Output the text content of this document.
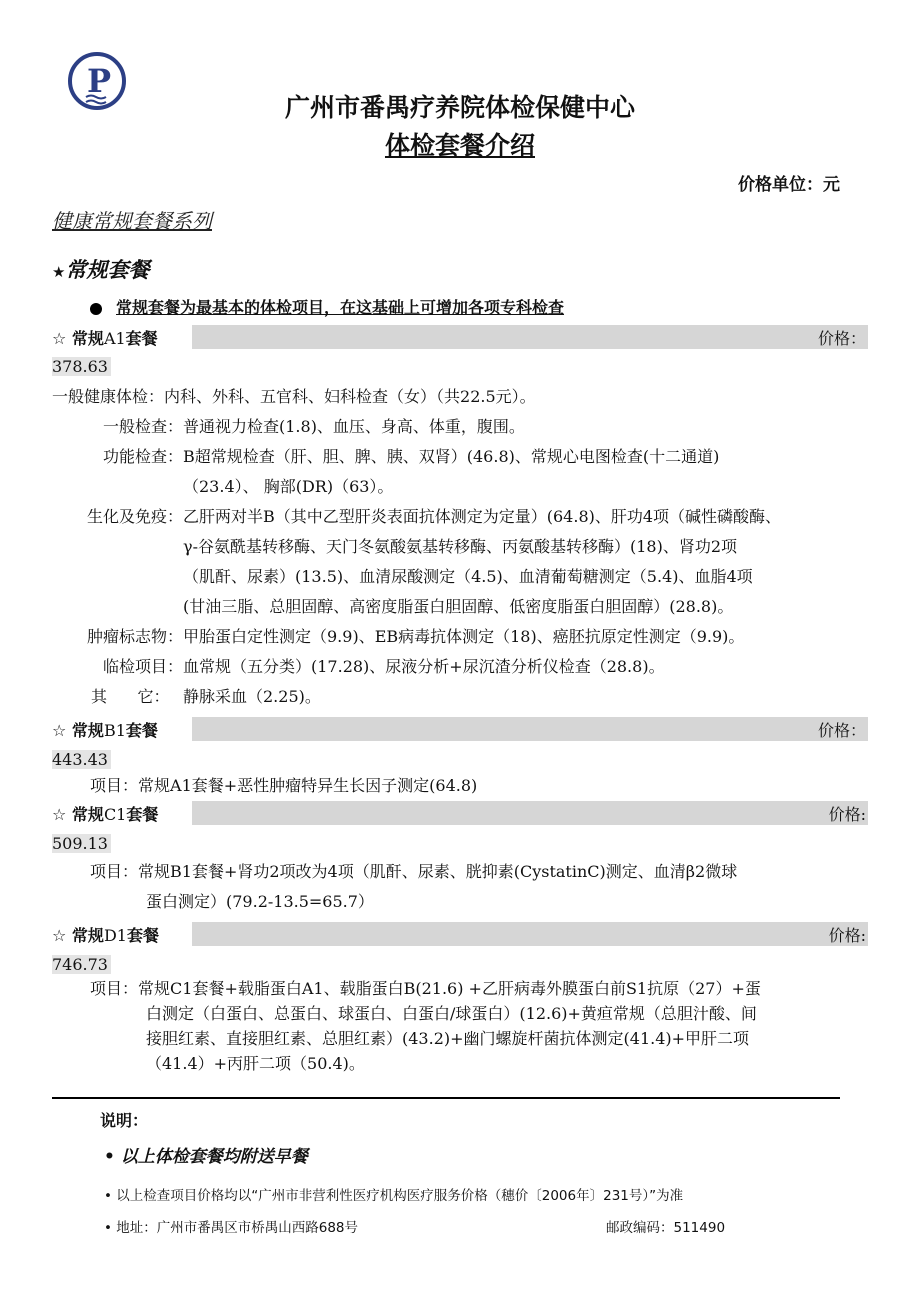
P
广州市番禺疗养院体检保健中心
体检套餐介绍
价格单位：元
健康常规套餐系列
★常规套餐
常规套餐为最基本的体检项目，在这基础上可增加各项专科检查
☆ 常规A1套餐	价格：
378.63
一般健康体检：内科、外科、五官科、妇科检查（女）（共22.5元）。
一般检查：普通视力检查(1.8)、血压、身高、体重，腹围。
功能检查：B超常规检查（肝、胆、脾、胰、双肾）(46.8)、常规心电图检查(十二通道)
（23.4）、 胸部(DR)（63）。
生化及免疫：乙肝两对半B（其中乙型肝炎表面抗体测定为定量）(64.8)、肝功4项（碱性磷酸酶、
γ-谷氨酰基转移酶、天门冬氨酸氨基转移酶、丙氨酸基转移酶）(18)、肾功2项
（肌酐、尿素）(13.5)、血清尿酸测定（4.5)、血清葡萄糖测定（5.4)、血脂4项
(甘油三脂、总胆固醇、高密度脂蛋白胆固醇、低密度脂蛋白胆固醇）(28.8)。
肿瘤标志物：甲胎蛋白定性测定（9.9)、EB病毒抗体测定（18)、癌胚抗原定性测定（9.9)。
临检项目：血常规（五分类）(17.28)、尿液分析+尿沉渣分析仪检查（28.8)。
其      它： 静脉采血（2.25)。
☆ 常规B1套餐	价格：
443.43
项目：常规A1套餐+恶性肿瘤特异生长因子测定(64.8)
☆ 常规C1套餐	价格:
509.13
项目：常规B1套餐+肾功2项改为4项（肌酐、尿素、胱抑素(CystatinC)测定、血清β2微球
蛋白测定）(79.2-13.5=65.7）
☆ 常规D1套餐	价格:
746.73
项目：常规C1套餐+载脂蛋白A1、载脂蛋白B(21.6) +乙肝病毒外膜蛋白前S1抗原（27）+蛋
白测定（白蛋白、总蛋白、球蛋白、白蛋白/球蛋白）(12.6)+黄疸常规（总胆汁酸、间
接胆红素、直接胆红素、总胆红素）(43.2)+幽门螺旋杆菌抗体测定(41.4)+甲肝二项
（41.4）+丙肝二项（50.4)。
说明：
• 以上体检套餐均附送早餐
• 以上检查项目价格均以“广州市非营利性医疗机构医疗服务价格（穗价〔2006年〕231号）”为准
• 地址：广州市番禺区市桥禺山西路688号	邮政编码：511490
